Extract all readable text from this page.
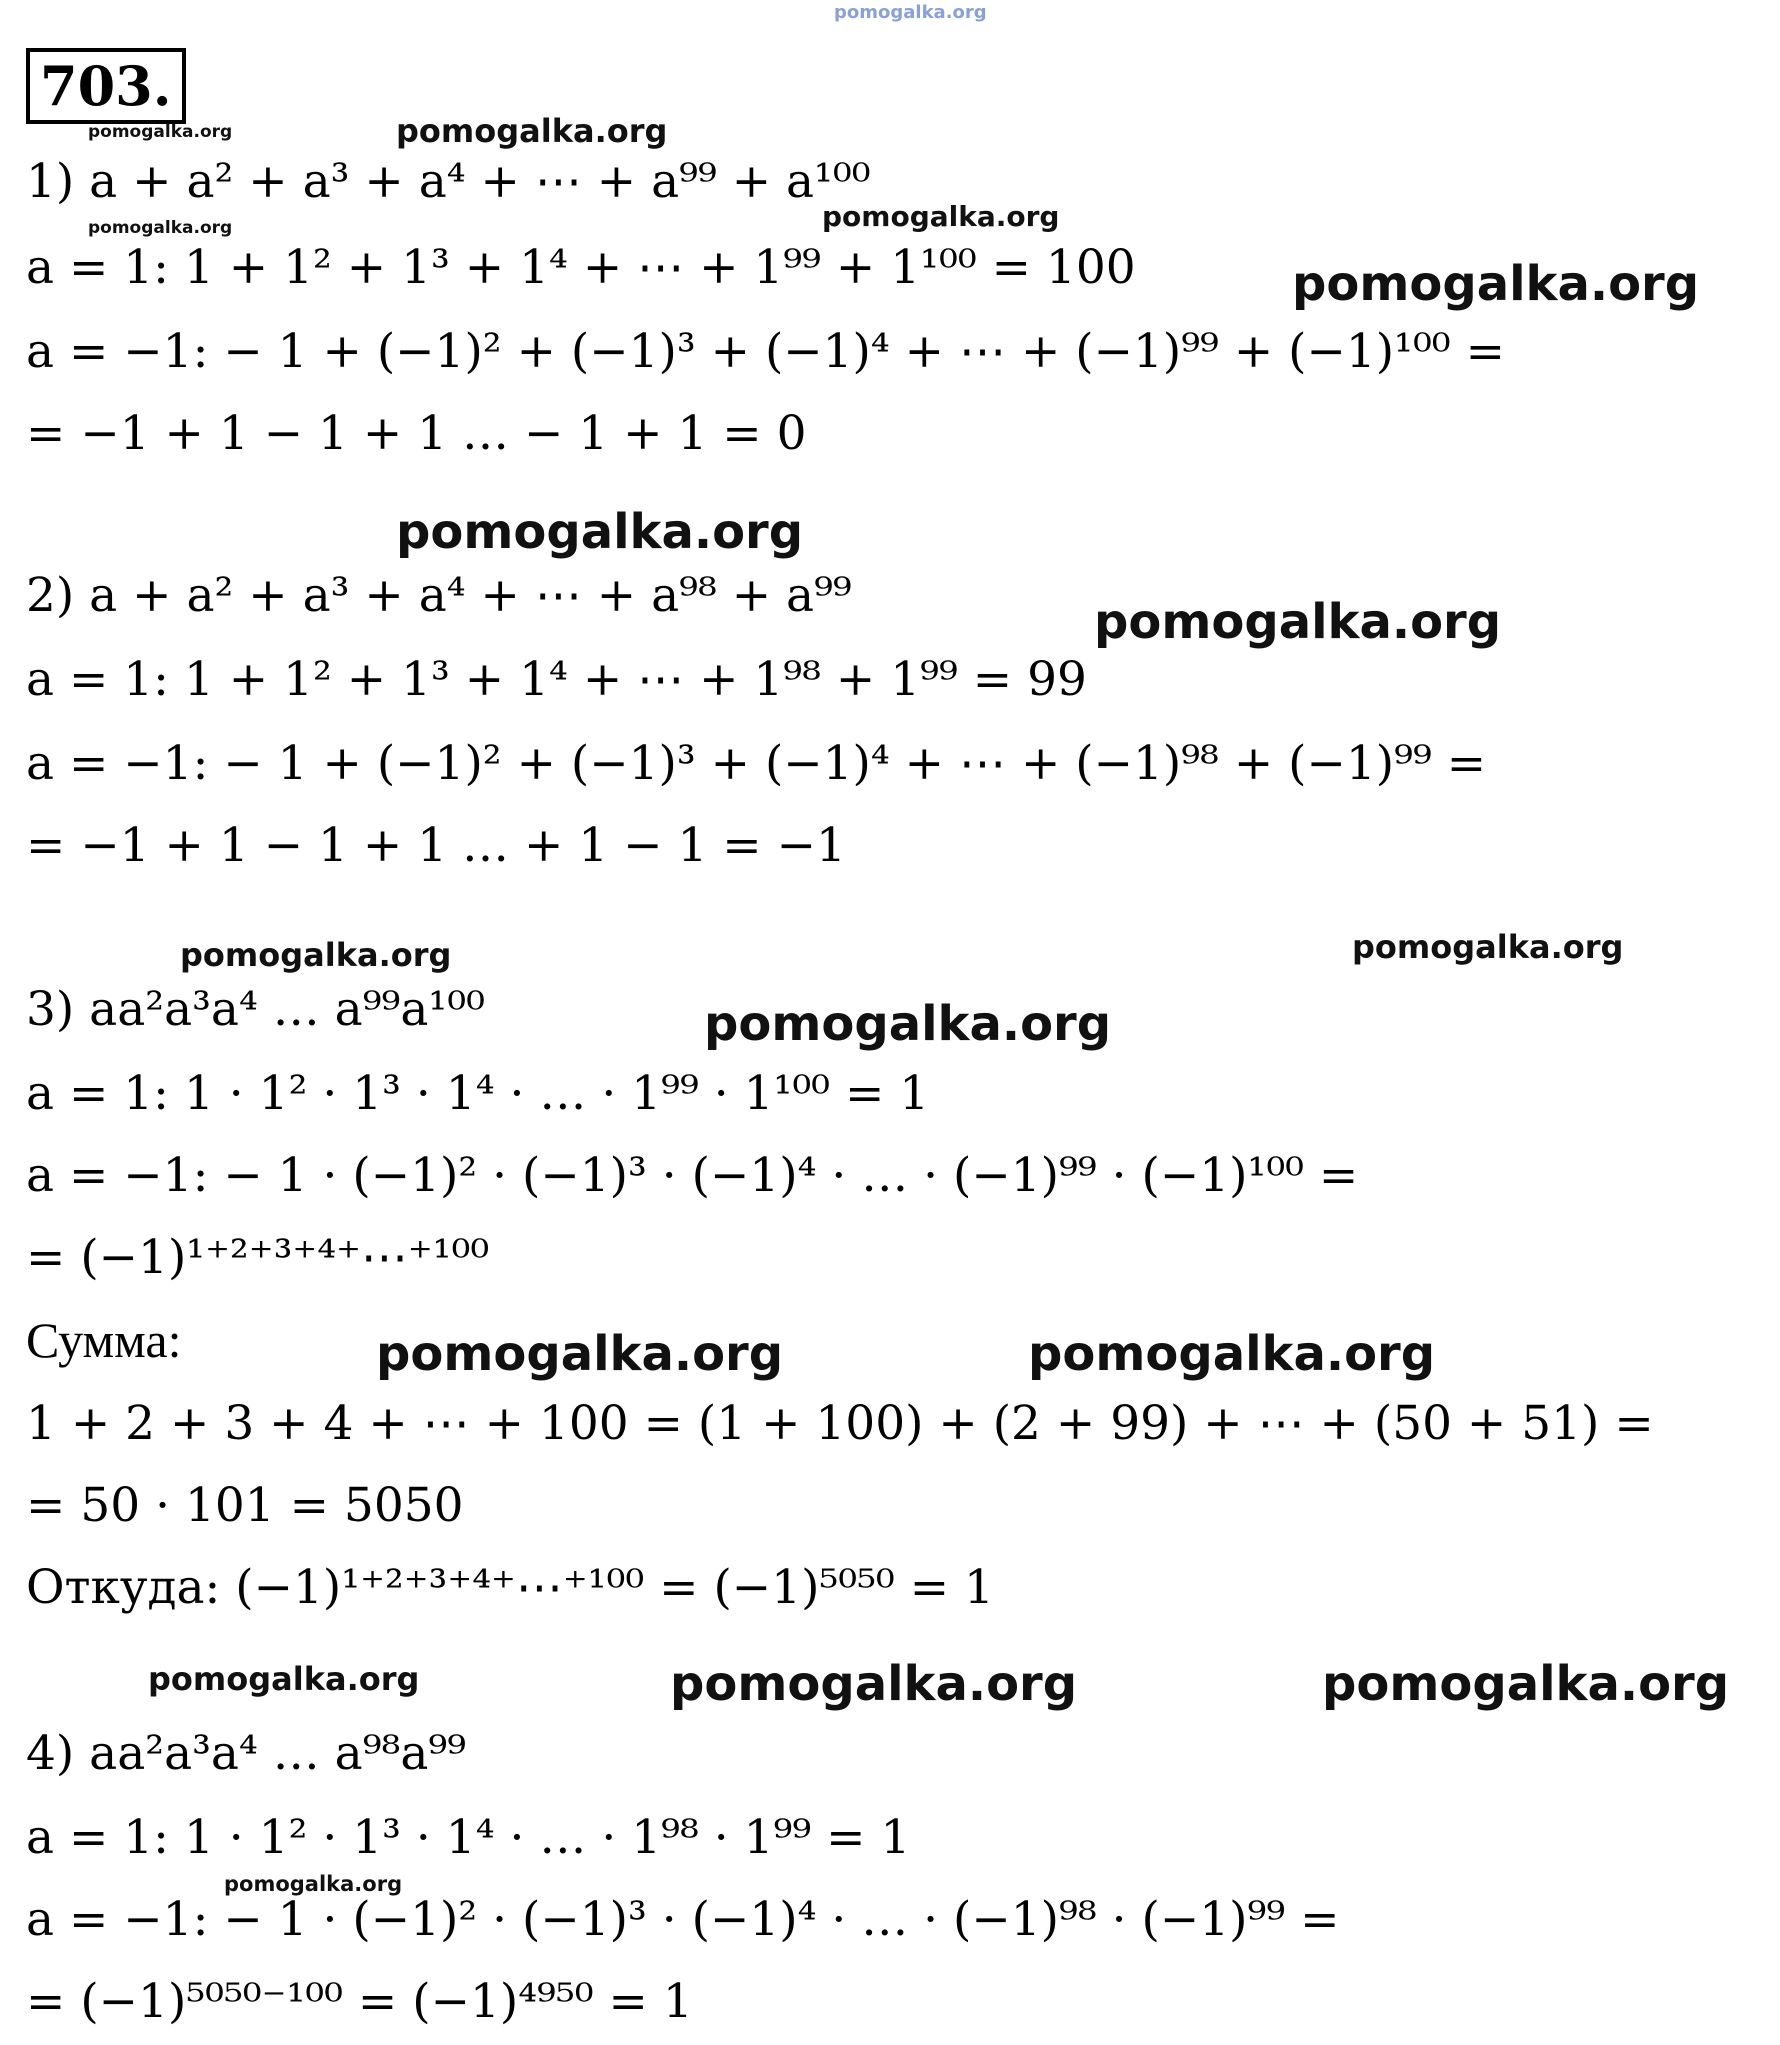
pomogalka.org
703.
1) a + a² + a³ + a⁴ + ⋯ + a⁹⁹ + a¹⁰⁰
a = 1: 1 + 1² + 1³ + 1⁴ + ⋯ + 1⁹⁹ + 1¹⁰⁰ = 100
a = −1: − 1 + (−1)² + (−1)³ + (−1)⁴ + ⋯ + (−1)⁹⁹ + (−1)¹⁰⁰ =
= −1 + 1 − 1 + 1 … − 1 + 1 = 0
2) a + a² + a³ + a⁴ + ⋯ + a⁹⁸ + a⁹⁹
a = 1: 1 + 1² + 1³ + 1⁴ + ⋯ + 1⁹⁸ + 1⁹⁹ = 99
a = −1: − 1 + (−1)² + (−1)³ + (−1)⁴ + ⋯ + (−1)⁹⁸ + (−1)⁹⁹ =
= −1 + 1 − 1 + 1 … + 1 − 1 = −1
3) aa²a³a⁴ … a⁹⁹a¹⁰⁰
a = 1: 1 · 1² · 1³ · 1⁴ · … · 1⁹⁹ · 1¹⁰⁰ = 1
a = −1: − 1 · (−1)² · (−1)³ · (−1)⁴ · … · (−1)⁹⁹ · (−1)¹⁰⁰ =
= (−1)¹⁺²⁺³⁺⁴⁺⋯⁺¹⁰⁰
Сумма:
1 + 2 + 3 + 4 + ⋯ + 100 = (1 + 100) + (2 + 99) + ⋯ + (50 + 51) =
= 50 · 101 = 5050
Откуда: (−1)¹⁺²⁺³⁺⁴⁺⋯⁺¹⁰⁰ = (−1)⁵⁰⁵⁰ = 1
4) aa²a³a⁴ … a⁹⁸a⁹⁹
a = 1: 1 · 1² · 1³ · 1⁴ · … · 1⁹⁸ · 1⁹⁹ = 1
a = −1: − 1 · (−1)² · (−1)³ · (−1)⁴ · … · (−1)⁹⁸ · (−1)⁹⁹ =
= (−1)⁵⁰⁵⁰⁻¹⁰⁰ = (−1)⁴⁹⁵⁰ = 1
pomogalka.org	pomogalka.org
pomogalka.org	pomogalka.org
pomogalka.org
pomogalka.org
pomogalka.org
pomogalka.org	pomogalka.org
pomogalka.org
pomogalka.org	pomogalka.org
pomogalka.org	pomogalka.org	pomogalka.org
pomogalka.org
